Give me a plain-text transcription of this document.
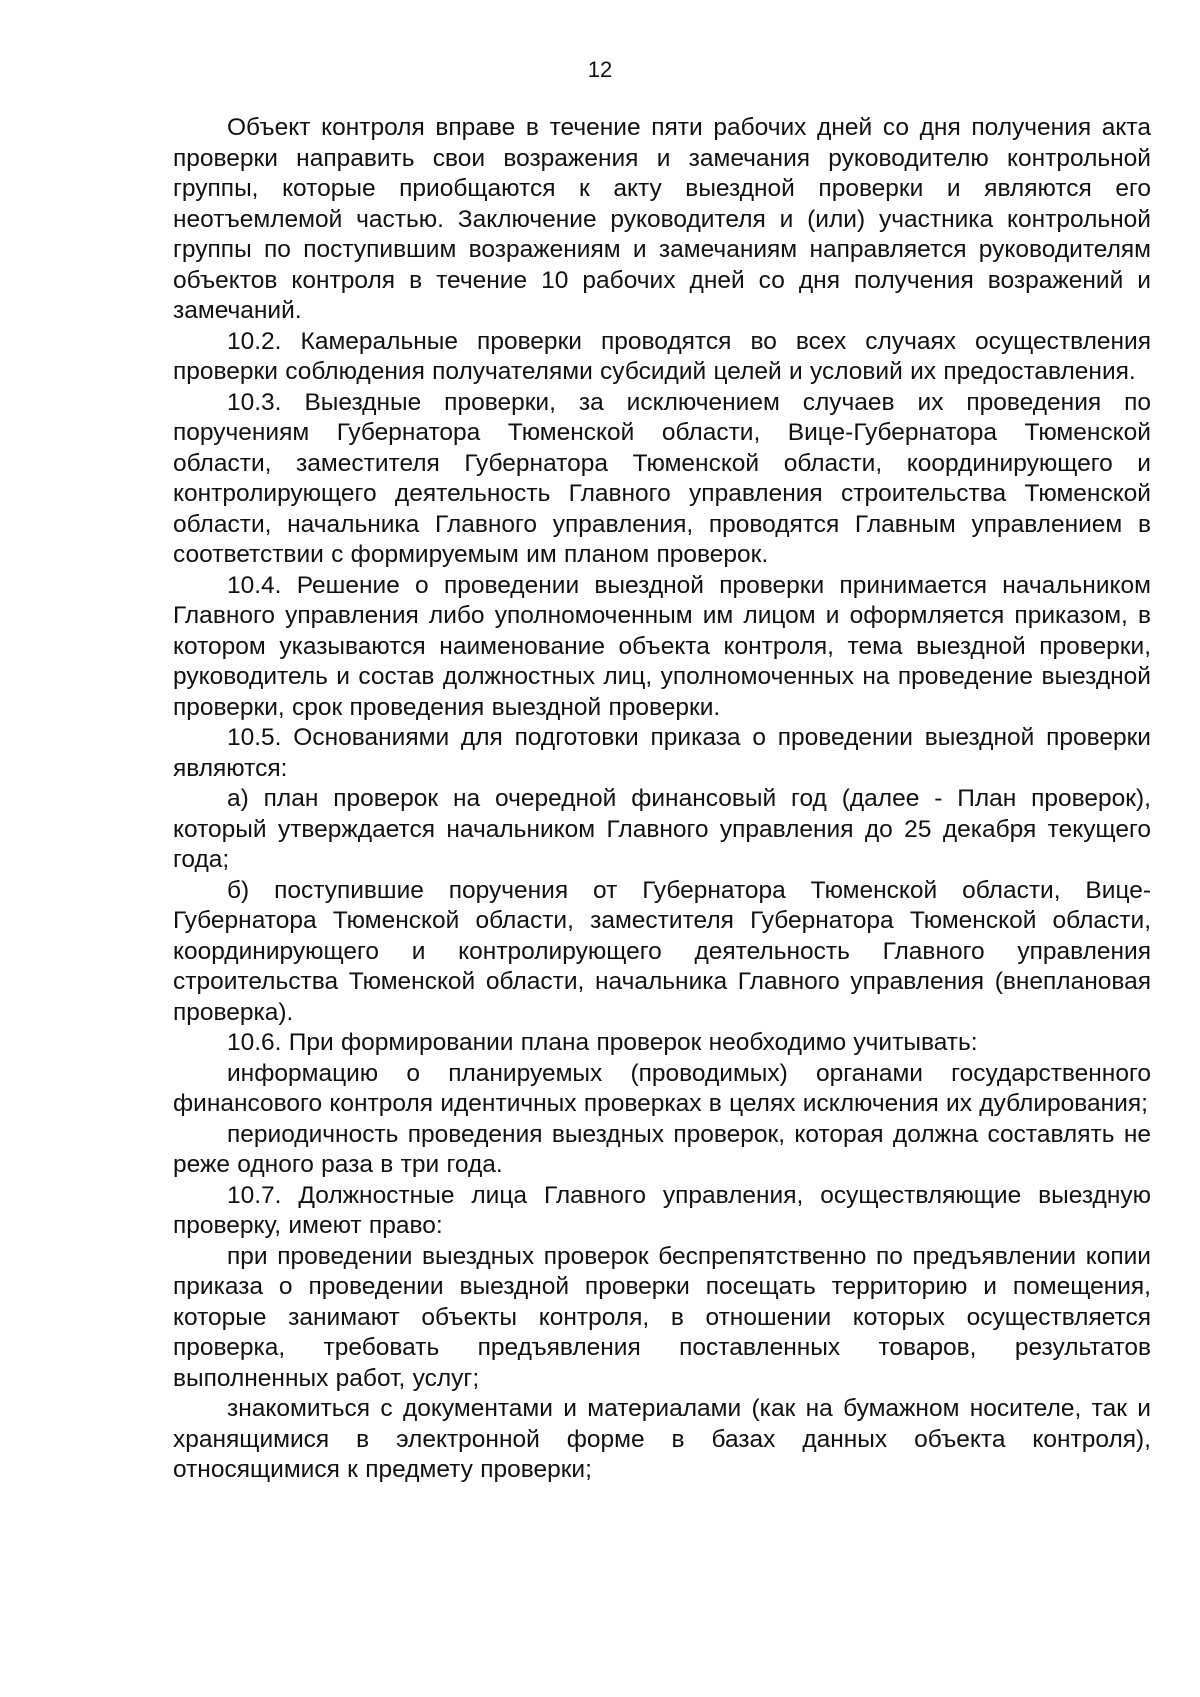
12

Объект контроля вправе в течение пяти рабочих дней со дня получения акта проверки направить свои возражения и замечания руководителю контрольной группы, которые приобщаются к акту выездной проверки и являются его неотъемлемой частью. Заключение руководителя и (или) участника контрольной группы по поступившим возражениям и замечаниям направляется руководителям объектов контроля в течение 10 рабочих дней со дня получения возражений и замечаний.

10.2. Камеральные проверки проводятся во всех случаях осуществления проверки соблюдения получателями субсидий целей и условий их предоставления.

10.3. Выездные проверки, за исключением случаев их проведения по поручениям Губернатора Тюменской области, Вице-Губернатора Тюменской области, заместителя Губернатора Тюменской области, координирующего и контролирующего деятельность Главного управления строительства Тюменской области, начальника Главного управления, проводятся Главным управлением в соответствии с формируемым им планом проверок.

10.4. Решение о проведении выездной проверки принимается начальником Главного управления либо уполномоченным им лицом и оформляется приказом, в котором указываются наименование объекта контроля, тема выездной проверки, руководитель и состав должностных лиц, уполномоченных на проведение выездной проверки, срок проведения выездной проверки.

10.5. Основаниями для подготовки приказа о проведении выездной проверки являются:

а) план проверок на очередной финансовый год (далее - План проверок), который утверждается начальником Главного управления до 25 декабря текущего года;

б) поступившие поручения от Губернатора Тюменской области, Вице-Губернатора Тюменской области, заместителя Губернатора Тюменской области, координирующего и контролирующего деятельность Главного управления строительства Тюменской области, начальника Главного управления (внеплановая проверка).

10.6. При формировании плана проверок необходимо учитывать:

информацию о планируемых (проводимых) органами государственного финансового контроля идентичных проверках в целях исключения их дублирования;

периодичность проведения выездных проверок, которая должна составлять не реже одного раза в три года.

10.7. Должностные лица Главного управления, осуществляющие выездную проверку, имеют право:

при проведении выездных проверок беспрепятственно по предъявлении копии приказа о проведении выездной проверки посещать территорию и помещения, которые занимают объекты контроля, в отношении которых осуществляется проверка, требовать предъявления поставленных товаров, результатов выполненных работ, услуг;

знакомиться с документами и материалами (как на бумажном носителе, так и хранящимися в электронной форме в базах данных объекта контроля), относящимися к предмету проверки;
